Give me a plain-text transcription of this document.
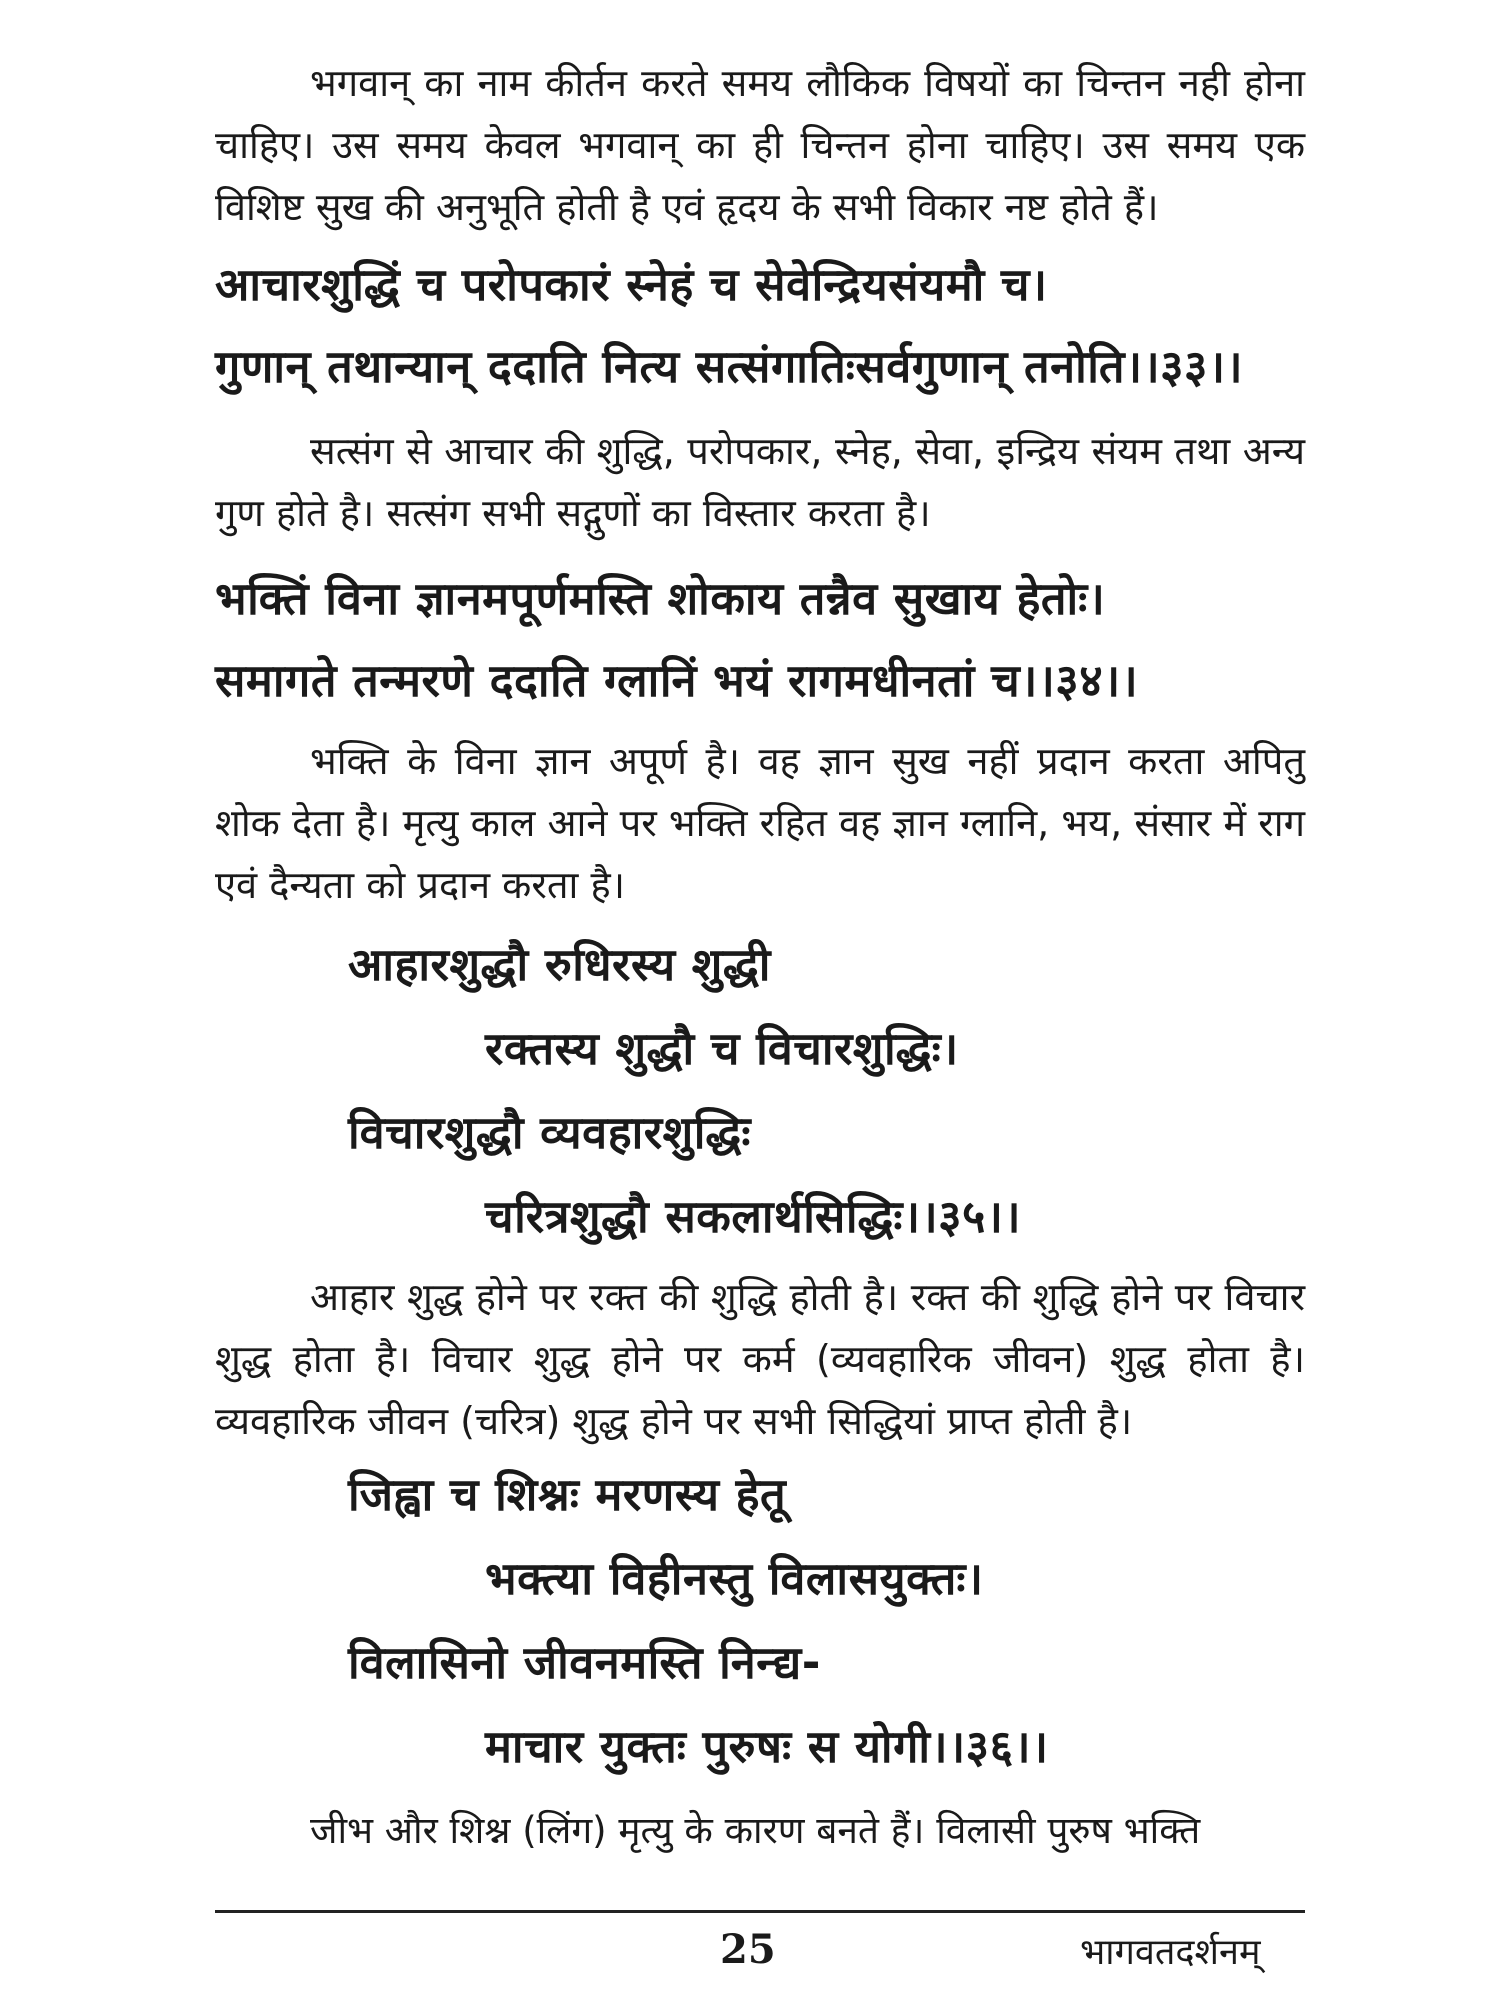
भगवान् का नाम कीर्तन करते समय लौकिक विषयों का चिन्तन नही होना चाहिए। उस समय केवल भगवान् का ही चिन्तन होना चाहिए। उस समय एक विशिष्ट सुख की अनुभूति होती है एवं हृदय के सभी विकार नष्ट होते हैं।

आचारशुद्धिं च परोपकारं स्नेहं च सेवेन्द्रियसंयमौ च।
गुणान् तथान्यान् ददाति नित्य सत्संगातिःसर्वगुणान् तनोति।।३३।।

सत्संग से आचार की शुद्धि, परोपकार, स्नेह, सेवा, इन्द्रिय संयम तथा अन्य गुण होते है। सत्संग सभी सद्गुणों का विस्तार करता है।

भक्तिं विना ज्ञानमपूर्णमस्ति शोकाय तन्नैव सुखाय हेतोः।
समागते तन्मरणे ददाति ग्लानिं भयं रागमधीनतां च।।३४।।

भक्ति के विना ज्ञान अपूर्ण है। वह ज्ञान सुख नहीं प्रदान करता अपितु शोक देता है। मृत्यु काल आने पर भक्ति रहित वह ज्ञान ग्लानि, भय, संसार में राग एवं दैन्यता को प्रदान करता है।

आहारशुद्धौ रुधिरस्य शुद्धी
रक्तस्य शुद्धौ च विचारशुद्धिः।
विचारशुद्धौ व्यवहारशुद्धिः
चरित्रशुद्धौ सकलार्थसिद्धिः।।३५।।

आहार शुद्ध होने पर रक्त की शुद्धि होती है। रक्त की शुद्धि होने पर विचार शुद्ध होता है। विचार शुद्ध होने पर कर्म (व्यवहारिक जीवन) शुद्ध होता है। व्यवहारिक जीवन (चरित्र) शुद्ध होने पर सभी सिद्धियां प्राप्त होती है।

जिह्वा च शिश्नः मरणस्य हेतू
भक्त्या विहीनस्तु विलासयुक्तः।
विलासिनो जीवनमस्ति निन्द्य-
माचार युक्तः पुरुषः स योगी।।३६।।
जीभ और शिश्न (लिंग) मृत्यु के कारण बनते हैं। विलासी पुरुष भक्ति
25	भागवतदर्शनम्
